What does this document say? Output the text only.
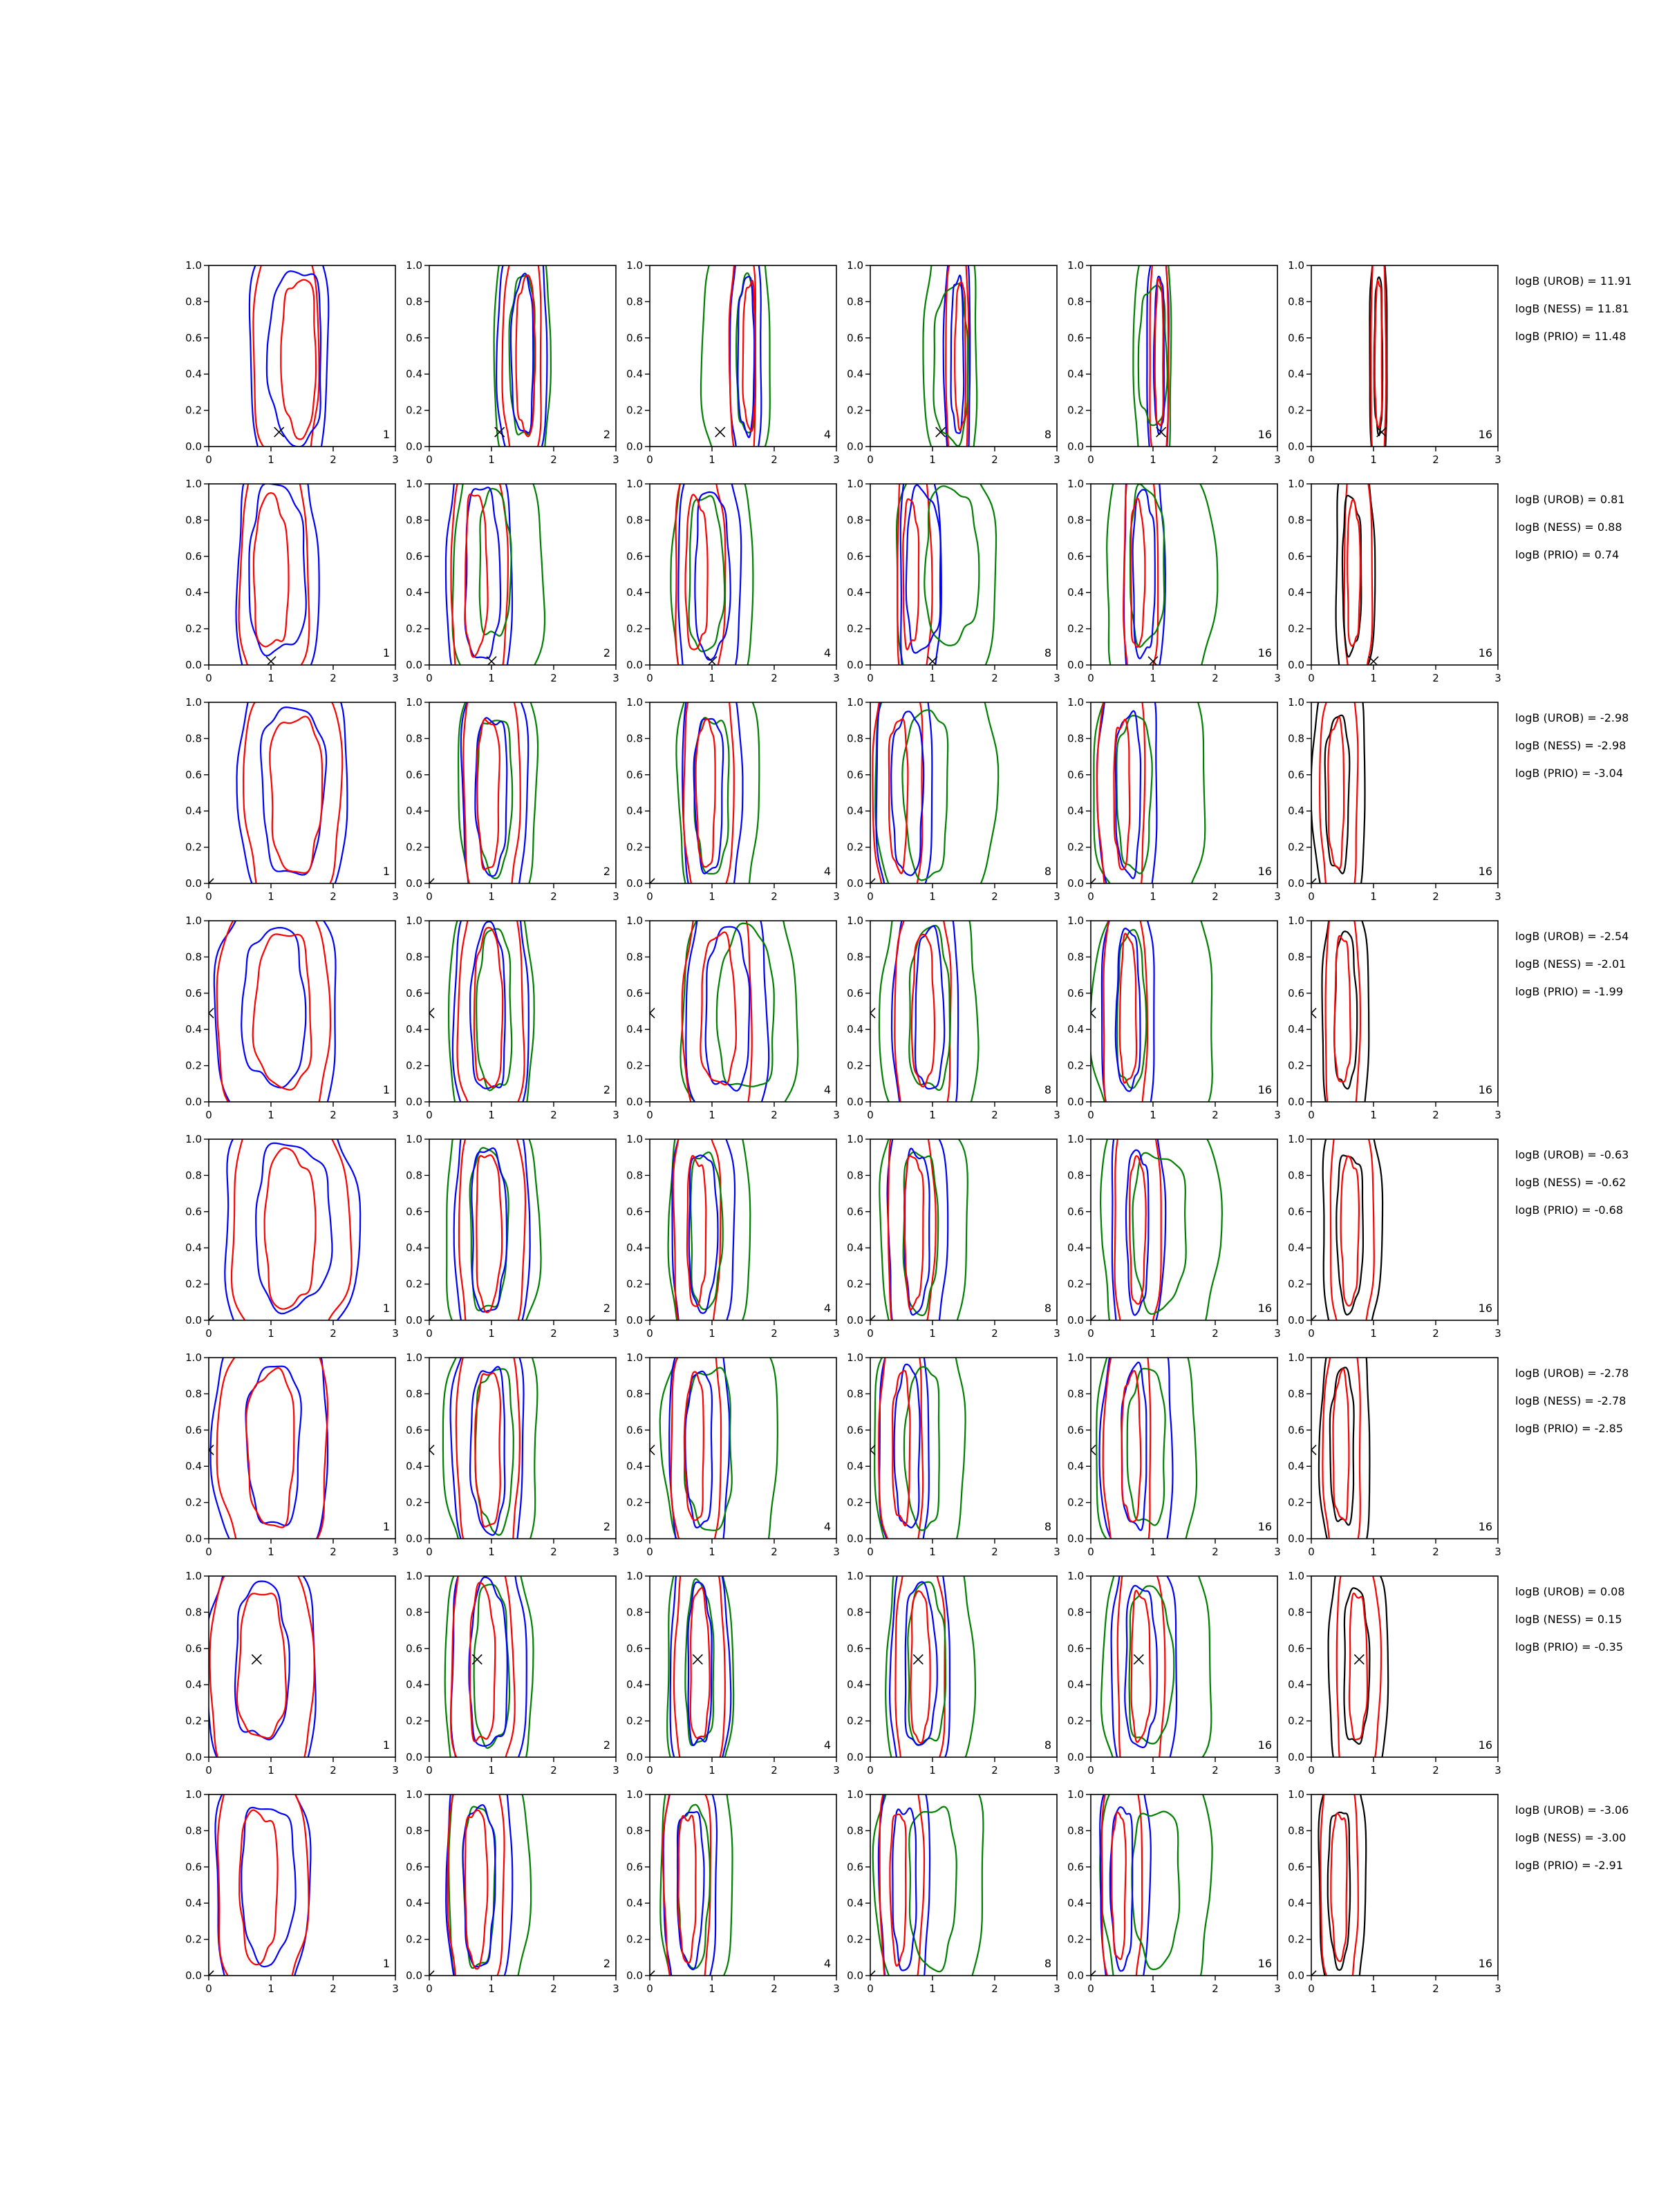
0	1	2	3
0.0
0.2
0.4
0.6
0.8
1.0
1
0	1	2	3
0.0
0.2
0.4
0.6
0.8
1.0
2
0	1	2	3
0.0
0.2
0.4
0.6
0.8
1.0
4
0	1	2	3
0.0
0.2
0.4
0.6
0.8
1.0
8
0	1	2	3
0.0
0.2
0.4
0.6
0.8
1.0
16
0	1	2	3
0.0
0.2
0.4
0.6
0.8
1.0
16
0	1	2	3
0.0
0.2
0.4
0.6
0.8
1.0
1
0	1	2	3
0.0
0.2
0.4
0.6
0.8
1.0
2
0	1	2	3
0.0
0.2
0.4
0.6
0.8
1.0
4
0	1	2	3
0.0
0.2
0.4
0.6
0.8
1.0
8
0	1	2	3
0.0
0.2
0.4
0.6
0.8
1.0
16
0	1	2	3
0.0
0.2
0.4
0.6
0.8
1.0
16
0	1	2	3
0.0
0.2
0.4
0.6
0.8
1.0
1
0	1	2	3
0.0
0.2
0.4
0.6
0.8
1.0
2
0	1	2	3
0.0
0.2
0.4
0.6
0.8
1.0
4
0	1	2	3
0.0
0.2
0.4
0.6
0.8
1.0
8
0	1	2	3
0.0
0.2
0.4
0.6
0.8
1.0
16
0	1	2	3
0.0
0.2
0.4
0.6
0.8
1.0
16
0	1	2	3
0.0
0.2
0.4
0.6
0.8
1.0
1
0	1	2	3
0.0
0.2
0.4
0.6
0.8
1.0
2
0	1	2	3
0.0
0.2
0.4
0.6
0.8
1.0
4
0	1	2	3
0.0
0.2
0.4
0.6
0.8
1.0
8
0	1	2	3
0.0
0.2
0.4
0.6
0.8
1.0
16
0	1	2	3
0.0
0.2
0.4
0.6
0.8
1.0
16
0	1	2	3
0.0
0.2
0.4
0.6
0.8
1.0
1
0	1	2	3
0.0
0.2
0.4
0.6
0.8
1.0
2
0	1	2	3
0.0
0.2
0.4
0.6
0.8
1.0
4
0	1	2	3
0.0
0.2
0.4
0.6
0.8
1.0
8
0	1	2	3
0.0
0.2
0.4
0.6
0.8
1.0
16
0	1	2	3
0.0
0.2
0.4
0.6
0.8
1.0
16
0	1	2	3
0.0
0.2
0.4
0.6
0.8
1.0
1
0	1	2	3
0.0
0.2
0.4
0.6
0.8
1.0
2
0	1	2	3
0.0
0.2
0.4
0.6
0.8
1.0
4
0	1	2	3
0.0
0.2
0.4
0.6
0.8
1.0
8
0	1	2	3
0.0
0.2
0.4
0.6
0.8
1.0
16
0	1	2	3
0.0
0.2
0.4
0.6
0.8
1.0
16
0	1	2	3
0.0
0.2
0.4
0.6
0.8
1.0
1
0	1	2	3
0.0
0.2
0.4
0.6
0.8
1.0
2
0	1	2	3
0.0
0.2
0.4
0.6
0.8
1.0
4
0	1	2	3
0.0
0.2
0.4
0.6
0.8
1.0
8
0	1	2	3
0.0
0.2
0.4
0.6
0.8
1.0
16
0	1	2	3
0.0
0.2
0.4
0.6
0.8
1.0
16
0	1	2	3
0.0
0.2
0.4
0.6
0.8
1.0
1
0	1	2	3
0.0
0.2
0.4
0.6
0.8
1.0
2
0	1	2	3
0.0
0.2
0.4
0.6
0.8
1.0
4
0	1	2	3
0.0
0.2
0.4
0.6
0.8
1.0
8
0	1	2	3
0.0
0.2
0.4
0.6
0.8
1.0
16
0	1	2	3
0.0
0.2
0.4
0.6
0.8
1.0
16
logB (UROB) = 11.91
logB (NESS) = 11.81
logB (PRIO) = 11.48
logB (UROB) = 0.81
logB (NESS) = 0.88
logB (PRIO) = 0.74
logB (UROB) = -2.98
logB (NESS) = -2.98
logB (PRIO) = -3.04
logB (UROB) = -2.54
logB (NESS) = -2.01
logB (PRIO) = -1.99
logB (UROB) = -0.63
logB (NESS) = -0.62
logB (PRIO) = -0.68
logB (UROB) = -2.78
logB (NESS) = -2.78
logB (PRIO) = -2.85
logB (UROB) = 0.08
logB (NESS) = 0.15
logB (PRIO) = -0.35
logB (UROB) = -3.06
logB (NESS) = -3.00
logB (PRIO) = -2.91
